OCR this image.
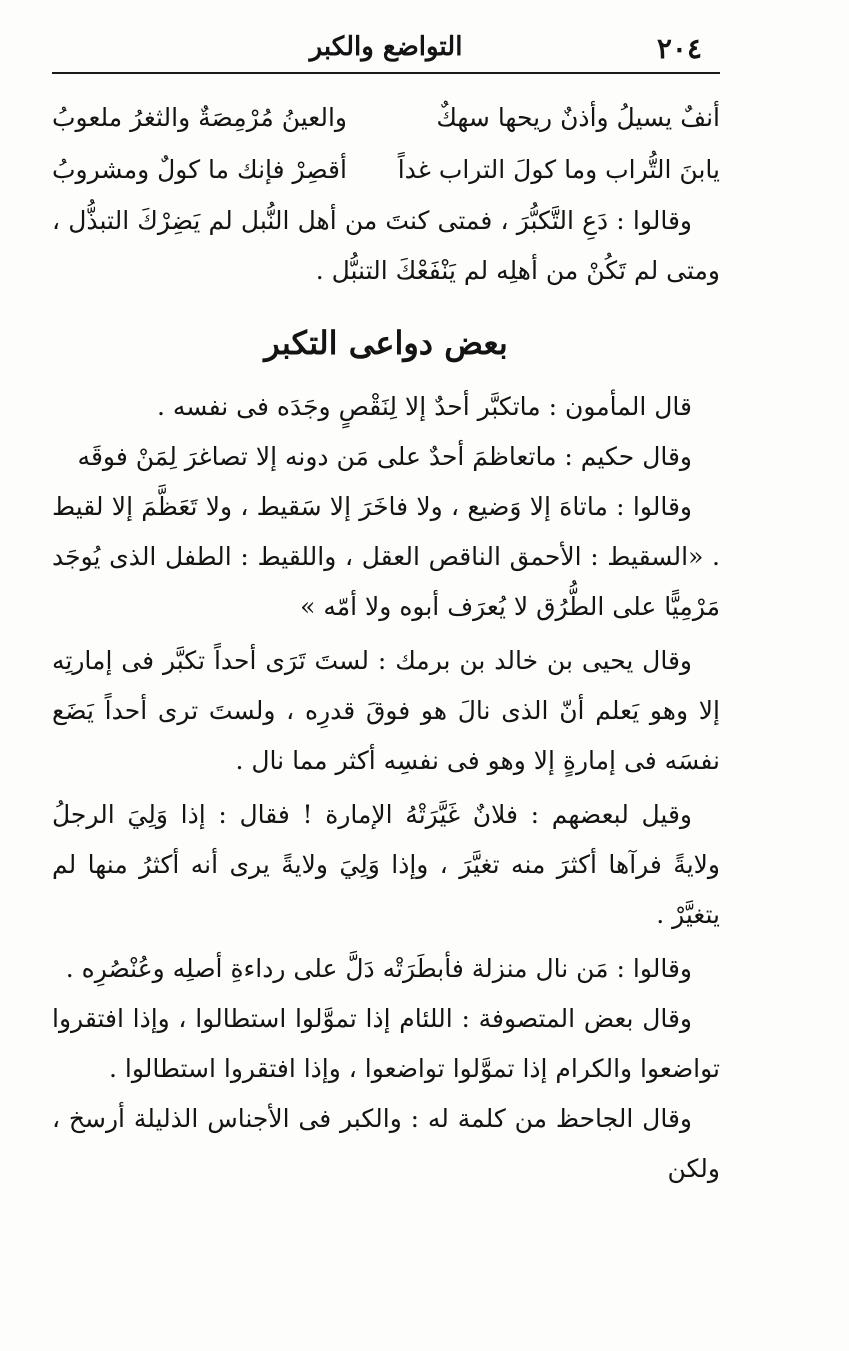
٢٠٤
التواضع والكبر
أنفٌ يسيلُ وأذنٌ ريحها سهكٌ
والعينُ مُرْمِصَةٌ والثغرُ ملعوبُ
يابنَ التُّراب وما كولَ التراب غداً
أقصِرْ فإنك ما كولٌ ومشروبُ

وقالوا : دَعِ التَّكبُّرَ ، فمتى كنتَ من أهل النُّبل لم يَضِرْكَ التبذُّل ، ومتى لم تَكُنْ من أهلِه لم يَنْفَعْكَ التنبُّل .

بعض دواعى التكبر

قال المأمون : ماتكبَّر أحدٌ إلا لِنَقْصٍ وجَدَه فى نفسه .

وقال حكيم : ماتعاظمَ أحدٌ على مَن دونه إلا تصاغرَ لِمَنْ فوقَه

وقالوا : ماتاهَ إلا وَضيع ، ولا فاخَرَ إلا سَقيط ، ولا تَعَظَّمَ إلا لقيط . «السقيط : الأحمق الناقص العقل ، واللقيط : الطفل الذى يُوجَد مَرْمِيًّا على الطُّرُق لا يُعرَف أبوه ولا أمّه »

وقال يحيى بن خالد بن برمك : لستَ تَرَى أحداً تكبَّر فى إمارتِه إلا وهو يَعلم أنّ الذى نالَ هو فوقَ قدرِه ، ولستَ ترى أحداً يَضَع نفسَه فى إمارةٍ إلا وهو فى نفسِه أكثر مما نال .

وقيل لبعضهم : فلانٌ غَيَّرَتْهُ الإمارة ! فقال : إذا وَلِيَ الرجلُ ولايةً فرآها أكثرَ منه تغيَّرَ ، وإذا وَلِيَ ولايةً يرى أنه أكثرُ منها لم يتغيَّرْ .

وقالوا : مَن نال منزلة فأبطَرَتْه دَلَّ على رداءةِ أصلِه وعُنْصُرِه .

وقال بعض المتصوفة : اللئام إذا تموَّلوا استطالوا ، وإذا افتقروا تواضعوا والكرام إذا تموَّلوا تواضعوا ، وإذا افتقروا استطالوا .

وقال الجاحظ من كلمة له : والكبر فى الأجناس الذليلة أرسخ ، ولكن
